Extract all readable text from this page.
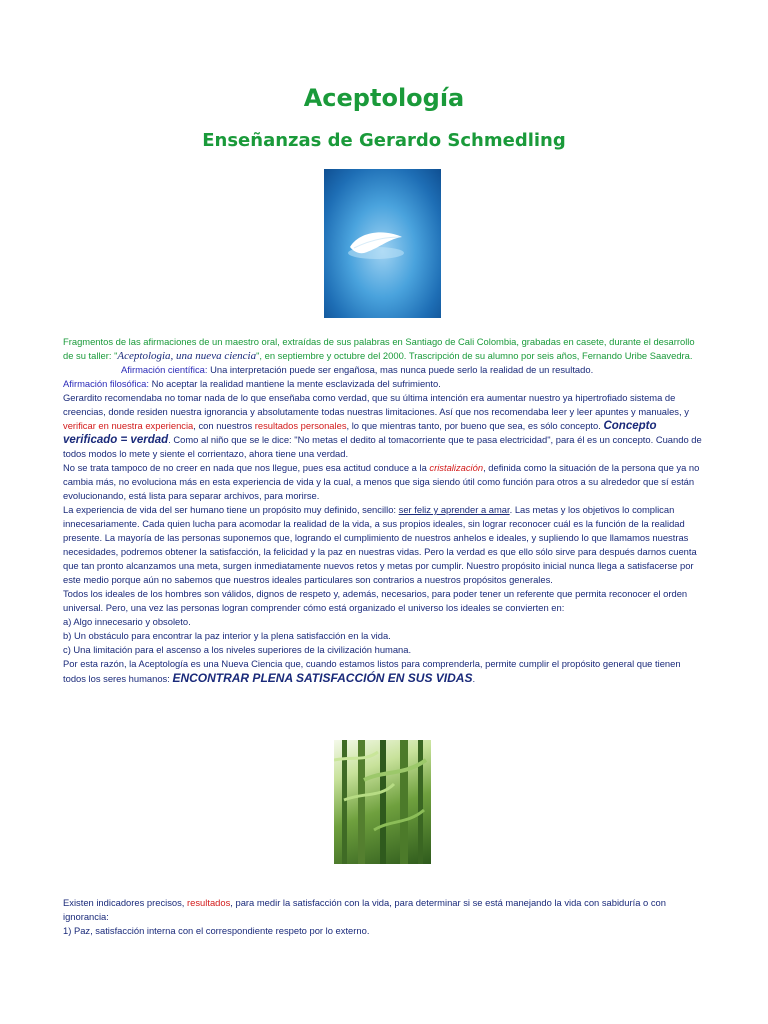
Aceptología
Enseñanzas de Gerardo Schmedling

Fragmentos de las afirmaciones de un maestro oral, extraídas de sus palabras en Santiago de Cali Colombia, grabadas en casete, durante el desarrollo de su taller: "Aceptologia, una nueva ciencia", en septiembre y octubre del 2000. Trascripción de su alumno por seis años, Fernando Uribe Saavedra.Afirmación científica: Una interpretación puede ser engañosa, mas nunca puede serlo la realidad de un resultado.

Afirmación filosófica: No aceptar la realidad mantiene la mente esclavizada del sufrimiento.

Gerardito recomendaba no tomar nada de lo que enseñaba como verdad, que su última intención era aumentar nuestro ya hipertrofiado sistema de creencias, donde residen nuestra ignorancia y absolutamente todas nuestras limitaciones. Así que nos recomendaba leer y leer apuntes y manuales, y verificar en nuestra experiencia, con nuestros resultados personales, lo que mientras tanto, por bueno que sea, es sólo concepto. Concepto verificado = verdad. Como al niño que se le dice: "No metas el dedito al tomacorriente que te pasa electricidad", para él es un concepto. Cuando de todos modos lo mete y siente el corrientazo, ahora tiene una verdad.

No se trata tampoco de no creer en nada que nos llegue, pues esa actitud conduce a la cristalización, definida como la situación de la persona que ya no cambia más, no evoluciona más en esta experiencia de vida y la cual, a menos que siga siendo útil como función para otros a su alrededor que sí están evolucionando, está lista para separar archivos, para morirse.

La experiencia de vida del ser humano tiene un propósito muy definido, sencillo: ser feliz y aprender a amar. Las metas y los objetivos lo complican innecesariamente. Cada quien lucha para acomodar la realidad de la vida, a sus propios ideales, sin lograr reconocer cuál es la función de la realidad presente. La mayoría de las personas suponemos que, logrando el cumplimiento de nuestros anhelos e ideales, y supliendo lo que llamamos nuestras necesidades, podremos obtener la satisfacción, la felicidad y la paz en nuestras vidas. Pero la verdad es que ello sólo sirve para después darnos cuenta que tan pronto alcanzamos una meta, surgen inmediatamente nuevos retos y metas por cumplir. Nuestro propósito inicial nunca llega a satisfacerse por este medio porque aún no sabemos que nuestros ideales particulares son contrarios a nuestros propósitos generales.

Todos los ideales de los hombres son válidos, dignos de respeto y, además, necesarios, para poder tener un referente que permita reconocer el orden universal. Pero, una vez las personas logran comprender cómo está organizado el universo los ideales se convierten en:

a) Algo innecesario y obsoleto.

b) Un obstáculo para encontrar la paz interior y la plena satisfacción en la vida.

c) Una limitación para el ascenso a los niveles superiores de la civilización humana.

Por esta razón, la Aceptología es una Nueva Ciencia que, cuando estamos listos para comprenderla, permite cumplir el propósito general que tienen todos los seres humanos: ENCONTRAR PLENA SATISFACCIÓN EN SUS VIDAS.

Existen indicadores precisos, resultados, para medir la satisfacción con la vida, para determinar si se está manejando la vida con sabiduría o con ignorancia:

1) Paz, satisfacción interna con el correspondiente respeto por lo externo.
